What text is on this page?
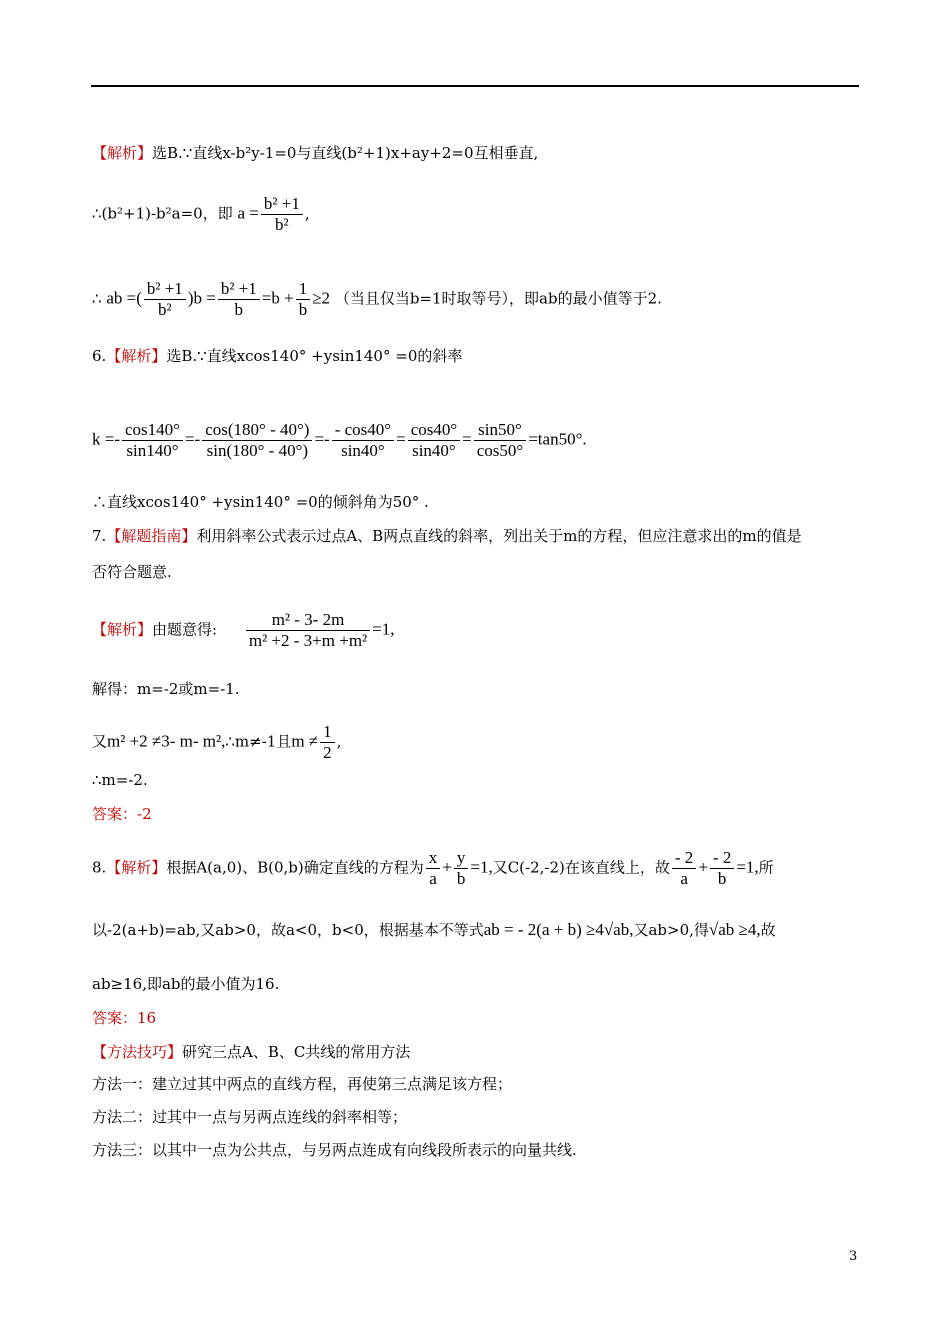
【解析】选B.∵直线x-b²y-1=0与直线(b²+1)x+ay+2=0互相垂直,
∴(b²+1)-b²a=0，即 $a = \frac{\text{b² +1}}{\text{b²}}$ ,
∴ ab =( $\frac{\text{b² +1}}{\text{b²}} )b = \frac{\text{b² +1}}{b} =b + \frac{1}{b} \ge 2$ （当且仅当b=1时取等号），即ab的最小值等于2.
6.【解析】选B.∵直线xcos140° +ysin140° =0的斜率
$k =- \frac{\cos 140^\circ}{\sin 140^\circ} =- \frac{\cos(180^\circ - 40^\circ)}{\sin(180^\circ - 40^\circ)} =- \frac{- \cos 40^\circ}{\sin 40^\circ} = \frac{\cos 40^\circ}{\sin 40^\circ} = \frac{\sin 50^\circ}{\cos 50^\circ} =\tan 50^\circ$.
∴直线xcos140° +ysin140° =0的倾斜角为50° .
7.【解题指南】利用斜率公式表示过点A、B两点直线的斜率，列出关于m的方程，但应注意求出的m的值是
否符合题意.
【解析】由题意得: $\frac{\text{m² - 3- 2m}}{\text{m² +2 - 3+m +m²}} =1$,
解得：m=-2或m=-1.
又m² +2 ≠3- m- m²,∴m≠-1且$m \ne \frac{1}{2}$ ,
∴m=-2.
答案：-2
8.【解析】根据A(a,0)、B(0,b)确定直线的方程为 $\frac{x}{a} + \frac{y}{b} =1$,又C(-2,-2)在该直线上，故 $\frac{- 2}{a} + \frac{- 2}{b} =1$,所
以-2(a+b)=ab,又ab>0，故a<0，b<0，根据基本不等式ab = - 2(a + b) ≥4√ab,又ab>0,得√ab ≥4,故
ab≥16,即ab的最小值为16.
答案：16
【方法技巧】研究三点A、B、C共线的常用方法
方法一：建立过其中两点的直线方程，再使第三点满足该方程；
方法二：过其中一点与另两点连线的斜率相等；
方法三：以其中一点为公共点，与另两点连成有向线段所表示的向量共线.
3
